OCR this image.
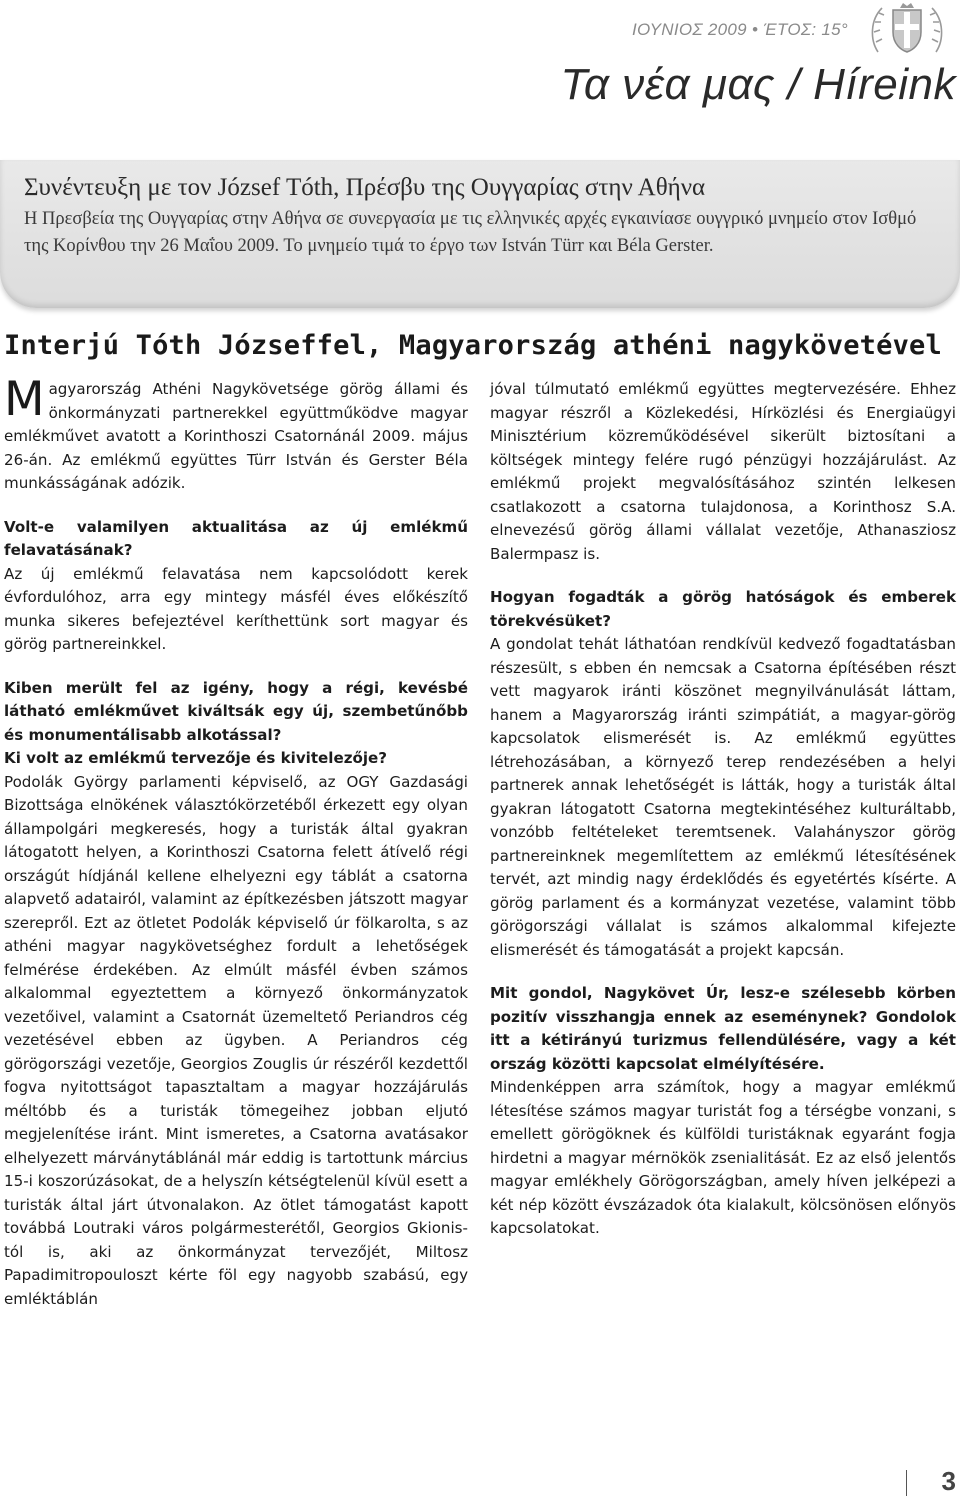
ΙΟΥΝΙΟΣ 2009 • ΈΤΟΣ: 15°
Τα νέα μας / Híreink
Συνέντευξη με τον József Tóth, Πρέσβυ της Ουγγαρίας στην Αθήνα
Η Πρεσβεία της Ουγγαρίας στην Αθήνα σε συνεργασία με τις ελληνικές αρχές εγκαινίασε ουγγρικό μνημείο στον Ισθμό της Κορίνθου την 26 Μαΐου 2009. Το μνημείο τιμά το έργο των István Türr και Béla Gerster.
Interjú Tóth Józseffel, Magyarország athéni nagykövetével

Magyarország Athéni Nagykövetsége görög állami és önkormányzati partnerekkel együttműködve magyar emlékművet avatott a Korinthoszi Csatornánál 2009. május 26-án. Az emlékmű együttes Türr István és Gerster Béla munkásságának adózik.

Volt-e valamilyen aktualitása az új emlékmű felavatásának?

Az új emlékmű felavatása nem kapcsolódott kerek évfordulóhoz, arra egy mintegy másfél éves előkészítő munka sikeres befejeztével keríthettünk sort magyar és görög partnereinkkel.

Kiben merült fel az igény, hogy a régi, kevésbé látható emlékművet kiváltsák egy új, szembetűnőbb és monumentálisabb alkotással?

Ki volt az emlékmű tervezője és kivitelezője?

Podolák György parlamenti képviselő, az OGY Gazdasági Bizottsága elnökének választókörzetéből érkezett egy olyan állampolgári megkeresés, hogy a turisták által gyakran látogatott helyen, a Korinthoszi Csatorna felett átívelő régi országút hídjánál kellene elhelyezni egy táblát a csatorna alapvető adatairól, valamint az építkezésben játszott magyar szerepről. Ezt az ötletet Podolák képviselő úr fölkarolta, s az athéni magyar nagykövetséghez fordult a lehetőségek felmérése érdekében. Az elmúlt másfél évben számos alkalommal egyeztettem a környező önkormányzatok vezetőivel, valamint a Csatornát üzemeltető Periandros cég vezetésével ebben az ügyben. A Periandros cég görögországi vezetője, Georgios Zouglis úr részéről kezdettől fogva nyitottságot tapasztaltam a magyar hozzájárulás méltóbb és a turisták tömegeihez jobban eljutó megjelenítése iránt. Mint ismeretes, a Csatorna avatásakor elhelyezett márványtáblánál már eddig is tartottunk március 15-i koszorúzásokat, de a helyszín kétségtelenül kívül esett a turisták által járt útvonalakon. Az ötlet támogatást kapott továbbá Loutraki város polgármesterétől, Georgios Gkionis-tól is, aki az önkormányzat tervezőjét, Miltosz Papadimitropouloszt kérte föl egy nagyobb szabású, egy emléktáblán

jóval túlmutató emlékmű együttes megtervezésére. Ehhez magyar részről a Közlekedési, Hírközlési és Energiaügyi Minisztérium közreműködésével sikerült biztosítani a költségek mintegy felére rugó pénzügyi hozzájárulást. Az emlékmű projekt megvalósításához szintén lelkesen csatlakozott a csatorna tulajdonosa, a Korinthosz S.A. elnevezésű görög állami vállalat vezetője, Athanasziosz Balermpasz is.

Hogyan fogadták a görög hatóságok és emberek törekvésüket?

A gondolat tehát láthatóan rendkívül kedvező fogadtatásban részesült, s ebben én nemcsak a Csatorna építésében részt vett magyarok iránti köszönet megnyilvánulását láttam, hanem a Magyarország iránti szimpátiát, a magyar-görög kapcsolatok elismerését is. Az emlékmű együttes létrehozásában, a környező terep rendezésében a helyi partnerek annak lehetőségét is látták, hogy a turisták által gyakran látogatott Csatorna megtekintéséhez kulturáltabb, vonzóbb feltételeket teremtsenek. Valahányszor görög partnereinknek megemlítettem az emlékmű létesítésének tervét, azt mindig nagy érdeklődés és egyetértés kísérte. A görög parlament és a kormányzat vezetése, valamint több görögországi vállalat is számos alkalommal kifejezte elismerését és támogatását a projekt kapcsán.

Mit gondol, Nagykövet Úr, lesz-e szélesebb körben pozitív visszhangja ennek az eseménynek? Gondolok itt a kétirányú turizmus fellendülésére, vagy a két ország közötti kapcsolat elmélyítésére.

Mindenképpen arra számítok, hogy a magyar emlékmű létesítése számos magyar turistát fog a térségbe vonzani, s emellett görögöknek és külföldi turistáknak egyaránt fogja hirdetni a magyar mérnökök zsenialitását. Ez az első jelentős magyar emlékhely Görögországban, amely híven jelképezi a két nép között évszázadok óta kialakult, kölcsönösen előnyös kapcsolatokat.

3
